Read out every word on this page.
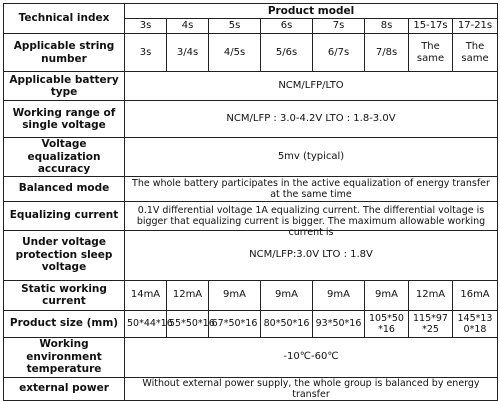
Technical index	Product model							
	3s	4s	5s	6s	7s	8s	15-17s	17-21s
Applicable string number	3s	3/4s	4/5s	5/6s	6/7s	7/8s	The same	The same
Applicable battery type	NCM/LFP/LTO							
Working range of single voltage	NCM/LFP : 3.0-4.2V LTO : 1.8-3.0V							
Voltage equalization accuracy	5mv (typical)							
Balanced mode	The whole battery participates in the active equalization of energy transfer at the same time							

Equalizing current	0.1V differential voltage 1A equalizing current. The differential voltage is bigger that equalizing current is bigger. The maximum allowable working current is							

Under voltage protection sleep voltage	NCM/LFP:3.0V LTO : 1.8V							
Static working current	14mA	12mA	9mA	9mA	9mA	9mA	12mA	16mA
Product size (mm)	50*44*16	55*50*16	67*50*16	80*50*16	93*50*16	105*50*16	115*97*25	145*130*18
Working environment temperature	-10℃-60℃							
external power	Without external power supply, the whole group is balanced by energy transfer							
